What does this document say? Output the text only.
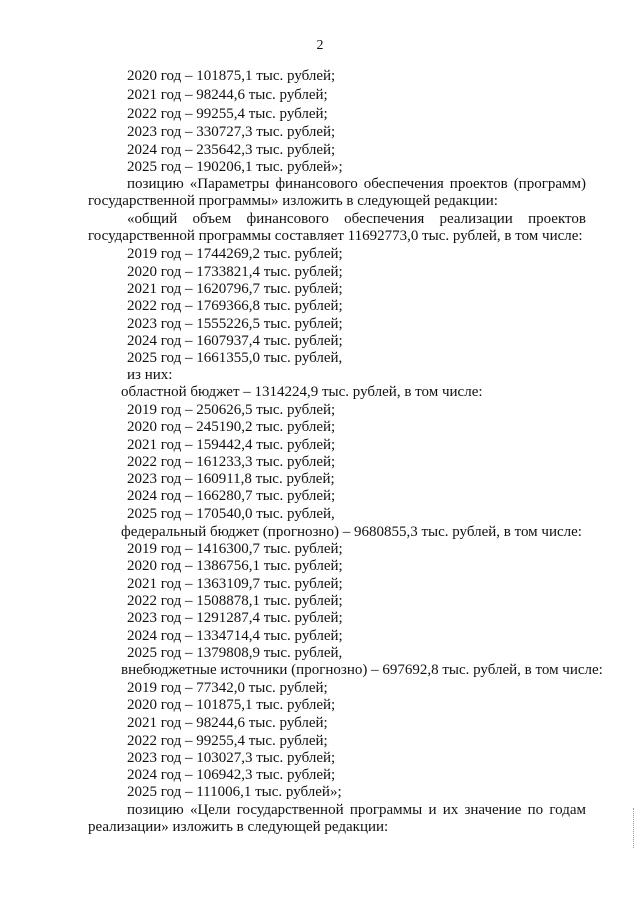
2
2020 год – 101875,1 тыс. рублей;
2021 год – 98244,6 тыс. рублей;
2022 год – 99255,4 тыс. рублей;
2023 год – 330727,3 тыс. рублей;
2024 год – 235642,3 тыс. рублей;
2025 год – 190206,1 тыс. рублей»;
позицию «Параметры финансового обеспечения проектов (программ)
государственной программы» изложить в следующей редакции:
«общий объем финансового обеспечения реализации проектов
государственной программы составляет 11692773,0 тыс. рублей, в том числе:
2019 год – 1744269,2 тыс. рублей;
2020 год – 1733821,4 тыс. рублей;
2021 год – 1620796,7 тыс. рублей;
2022 год – 1769366,8 тыс. рублей;
2023 год – 1555226,5 тыс. рублей;
2024 год – 1607937,4 тыс. рублей;
2025 год – 1661355,0 тыс. рублей,
из них:
областной бюджет – 1314224,9 тыс. рублей, в том числе:
2019 год – 250626,5 тыс. рублей;
2020 год – 245190,2 тыс. рублей;
2021 год – 159442,4 тыс. рублей;
2022 год – 161233,3 тыс. рублей;
2023 год – 160911,8 тыс. рублей;
2024 год – 166280,7 тыс. рублей;
2025 год – 170540,0 тыс. рублей,
федеральный бюджет (прогнозно) – 9680855,3 тыс. рублей, в том числе:
2019 год – 1416300,7 тыс. рублей;
2020 год – 1386756,1 тыс. рублей;
2021 год – 1363109,7 тыс. рублей;
2022 год – 1508878,1 тыс. рублей;
2023 год – 1291287,4 тыс. рублей;
2024 год – 1334714,4 тыс. рублей;
2025 год – 1379808,9 тыс. рублей,
внебюджетные источники (прогнозно) – 697692,8 тыс. рублей, в том числе:
2019 год – 77342,0 тыс. рублей;
2020 год – 101875,1 тыс. рублей;
2021 год – 98244,6 тыс. рублей;
2022 год – 99255,4 тыс. рублей;
2023 год – 103027,3 тыс. рублей;
2024 год – 106942,3 тыс. рублей;
2025 год – 111006,1 тыс. рублей»;
позицию «Цели государственной программы и их значение по годам
реализации» изложить в следующей редакции:
